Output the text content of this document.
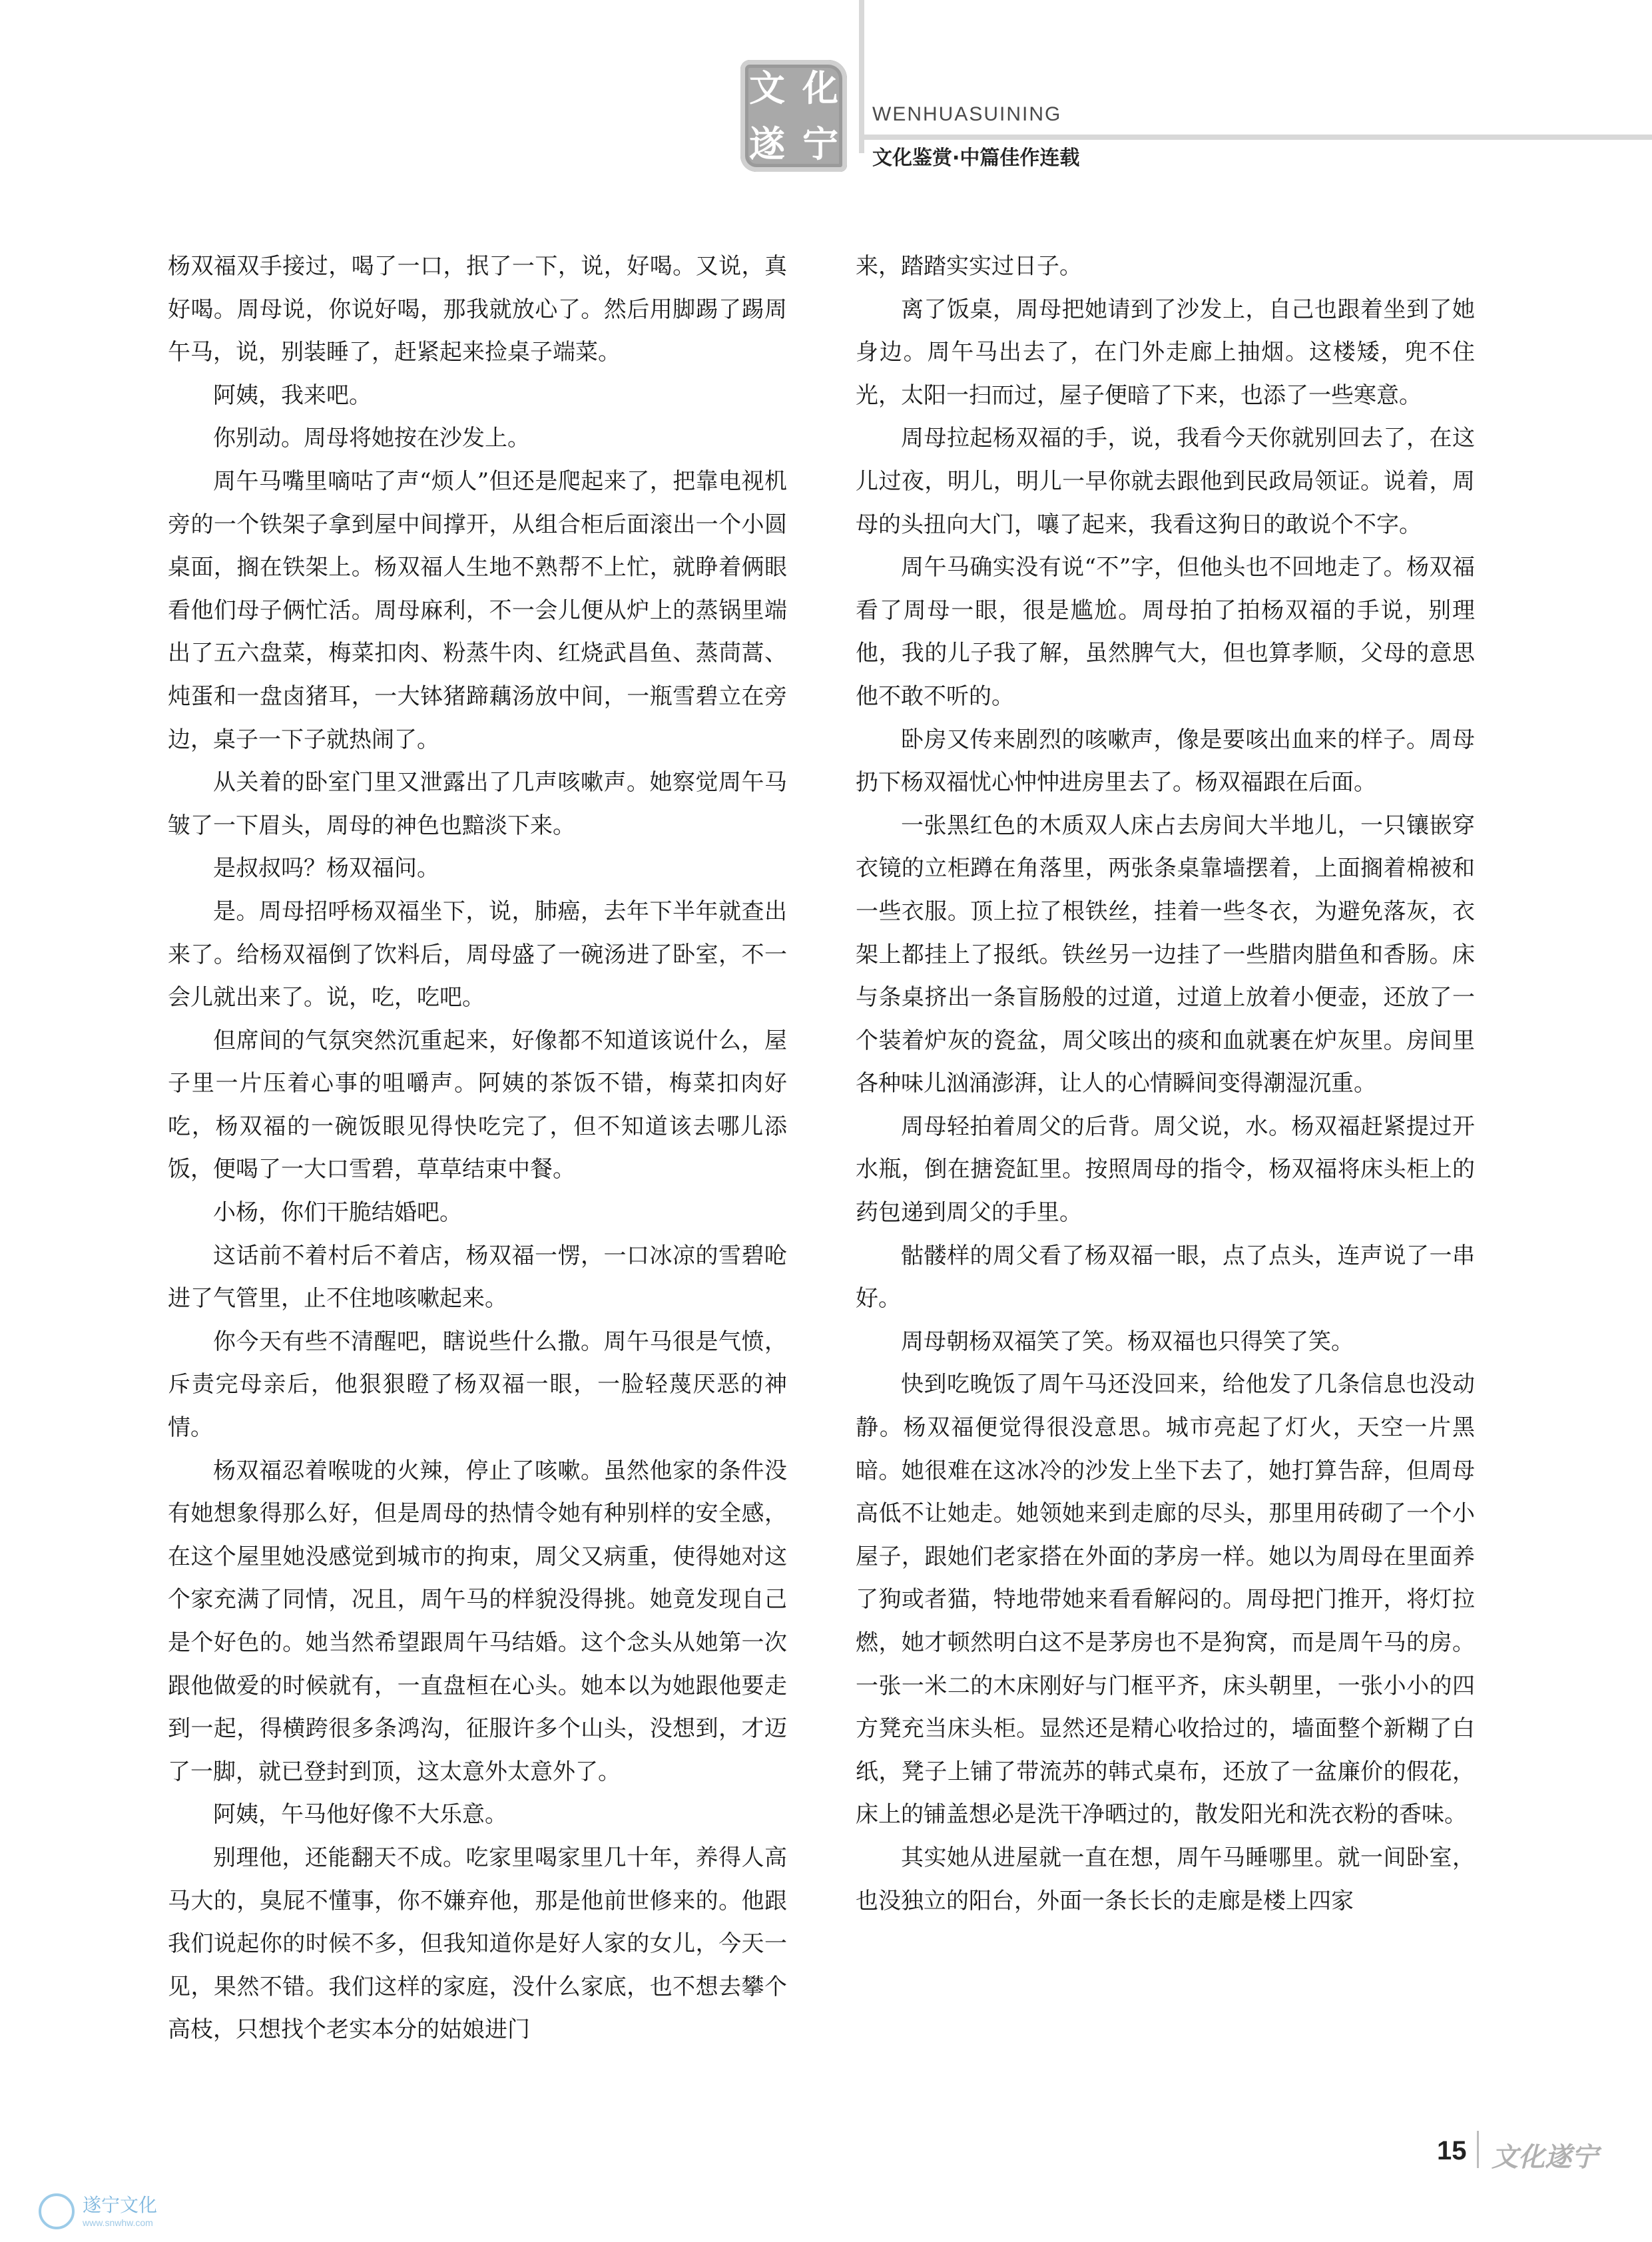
文 化
遂 宁
WENHUASUINING
文化鉴赏·中篇佳作连载

杨双福双手接过，喝了一口，抿了一下，说，好喝。又说，真好喝。周母说，你说好喝，那我就放心了。然后用脚踢了踢周午马，说，别装睡了，赶紧起来捡桌子端菜。

阿姨，我来吧。

你别动。周母将她按在沙发上。

周午马嘴里嘀咕了声“烦人”但还是爬起来了，把靠电视机旁的一个铁架子拿到屋中间撑开，从组合柜后面滚出一个小圆桌面，搁在铁架上。杨双福人生地不熟帮不上忙，就睁着俩眼看他们母子俩忙活。周母麻利，不一会儿便从炉上的蒸锅里端出了五六盘菜，梅菜扣肉、粉蒸牛肉、红烧武昌鱼、蒸茼蒿、炖蛋和一盘卤猪耳，一大钵猪蹄藕汤放中间，一瓶雪碧立在旁边，桌子一下子就热闹了。

从关着的卧室门里又泄露出了几声咳嗽声。她察觉周午马皱了一下眉头，周母的神色也黯淡下来。

是叔叔吗？杨双福问。

是。周母招呼杨双福坐下，说，肺癌，去年下半年就查出来了。给杨双福倒了饮料后，周母盛了一碗汤进了卧室，不一会儿就出来了。说，吃，吃吧。

但席间的气氛突然沉重起来，好像都不知道该说什么，屋子里一片压着心事的咀嚼声。阿姨的茶饭不错，梅菜扣肉好吃，杨双福的一碗饭眼见得快吃完了，但不知道该去哪儿添饭，便喝了一大口雪碧，草草结束中餐。

小杨，你们干脆结婚吧。

这话前不着村后不着店，杨双福一愣，一口冰凉的雪碧呛进了气管里，止不住地咳嗽起来。

你今天有些不清醒吧，瞎说些什么撒。周午马很是气愤，斥责完母亲后，他狠狠瞪了杨双福一眼，一脸轻蔑厌恶的神情。

杨双福忍着喉咙的火辣，停止了咳嗽。虽然他家的条件没有她想象得那么好，但是周母的热情令她有种别样的安全感，在这个屋里她没感觉到城市的拘束，周父又病重，使得她对这个家充满了同情，况且，周午马的样貌没得挑。她竟发现自己是个好色的。她当然希望跟周午马结婚。这个念头从她第一次跟他做爱的时候就有，一直盘桓在心头。她本以为她跟他要走到一起，得横跨很多条鸿沟，征服许多个山头，没想到，才迈了一脚，就已登封到顶，这太意外太意外了。

阿姨，午马他好像不大乐意。

别理他，还能翻天不成。吃家里喝家里几十年，养得人高马大的，臭屁不懂事，你不嫌弃他，那是他前世修来的。他跟我们说起你的时候不多，但我知道你是好人家的女儿，今天一见，果然不错。我们这样的家庭，没什么家底，也不想去攀个高枝，只想找个老实本分的姑娘进门

来，踏踏实实过日子。

离了饭桌，周母把她请到了沙发上，自己也跟着坐到了她身边。周午马出去了，在门外走廊上抽烟。这楼矮，兜不住光，太阳一扫而过，屋子便暗了下来，也添了一些寒意。

周母拉起杨双福的手，说，我看今天你就别回去了，在这儿过夜，明儿，明儿一早你就去跟他到民政局领证。说着，周母的头扭向大门，嚷了起来，我看这狗日的敢说个不字。

周午马确实没有说“不”字，但他头也不回地走了。杨双福看了周母一眼，很是尴尬。周母拍了拍杨双福的手说，别理他，我的儿子我了解，虽然脾气大，但也算孝顺，父母的意思他不敢不听的。

卧房又传来剧烈的咳嗽声，像是要咳出血来的样子。周母扔下杨双福忧心忡忡进房里去了。杨双福跟在后面。

一张黑红色的木质双人床占去房间大半地儿，一只镶嵌穿衣镜的立柜蹲在角落里，两张条桌靠墙摆着，上面搁着棉被和一些衣服。顶上拉了根铁丝，挂着一些冬衣，为避免落灰，衣架上都挂上了报纸。铁丝另一边挂了一些腊肉腊鱼和香肠。床与条桌挤出一条盲肠般的过道，过道上放着小便壶，还放了一个装着炉灰的瓷盆，周父咳出的痰和血就裹在炉灰里。房间里各种味儿汹涌澎湃，让人的心情瞬间变得潮湿沉重。

周母轻拍着周父的后背。周父说，水。杨双福赶紧提过开水瓶，倒在搪瓷缸里。按照周母的指令，杨双福将床头柜上的药包递到周父的手里。

骷髅样的周父看了杨双福一眼，点了点头，连声说了一串好。

周母朝杨双福笑了笑。杨双福也只得笑了笑。

快到吃晚饭了周午马还没回来，给他发了几条信息也没动静。杨双福便觉得很没意思。城市亮起了灯火，天空一片黑暗。她很难在这冰冷的沙发上坐下去了，她打算告辞，但周母高低不让她走。她领她来到走廊的尽头，那里用砖砌了一个小屋子，跟她们老家搭在外面的茅房一样。她以为周母在里面养了狗或者猫，特地带她来看看解闷的。周母把门推开，将灯拉燃，她才顿然明白这不是茅房也不是狗窝，而是周午马的房。一张一米二的木床刚好与门框平齐，床头朝里，一张小小的四方凳充当床头柜。显然还是精心收拾过的，墙面整个新糊了白纸，凳子上铺了带流苏的韩式桌布，还放了一盆廉价的假花，床上的铺盖想必是洗干净晒过的，散发阳光和洗衣粉的香味。

其实她从进屋就一直在想，周午马睡哪里。就一间卧室，也没独立的阳台，外面一条长长的走廊是楼上四家

15 文化遂宁
遂宁文化
www.snwhw.com
